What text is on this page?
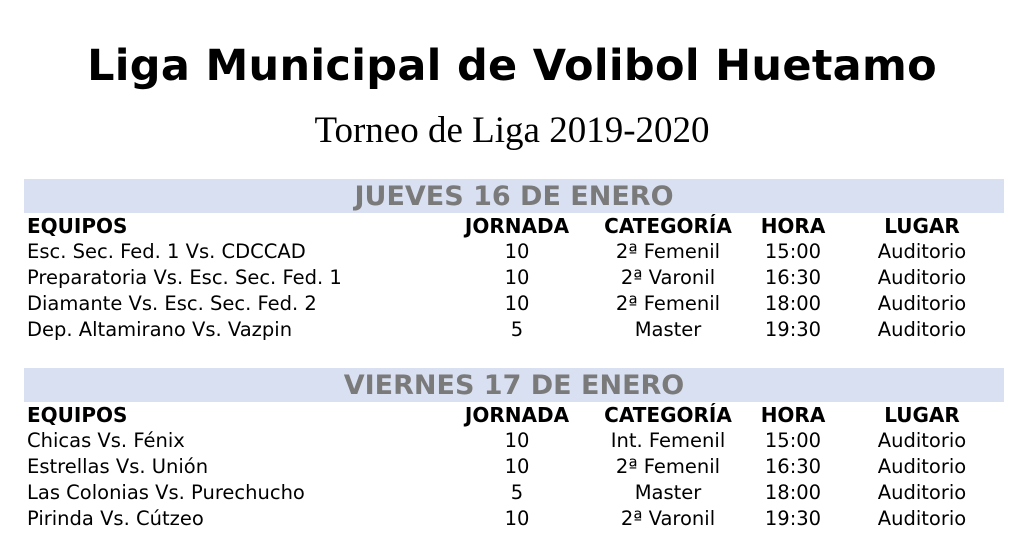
Liga Municipal de Volibol Huetamo
Torneo de Liga 2019-2020
JUEVES 16 DE ENERO
EQUIPOS	JORNADA	CATEGORÍA	HORA	LUGAR
Esc. Sec. Fed. 1 Vs. CDCCAD	10	2ª Femenil	15:00	Auditorio
Preparatoria Vs. Esc. Sec. Fed. 1	10	2ª Varonil	16:30	Auditorio
Diamante Vs. Esc. Sec. Fed. 2	10	2ª Femenil	18:00	Auditorio
Dep. Altamirano Vs. Vazpin	5	Master	19:30	Auditorio
VIERNES 17 DE ENERO
EQUIPOS	JORNADA	CATEGORÍA	HORA	LUGAR
Chicas Vs. Fénix	10	Int. Femenil	15:00	Auditorio
Estrellas Vs. Unión	10	2ª Femenil	16:30	Auditorio
Las Colonias Vs. Purechucho	5	Master	18:00	Auditorio
Pirinda Vs. Cútzeo	10	2ª Varonil	19:30	Auditorio
